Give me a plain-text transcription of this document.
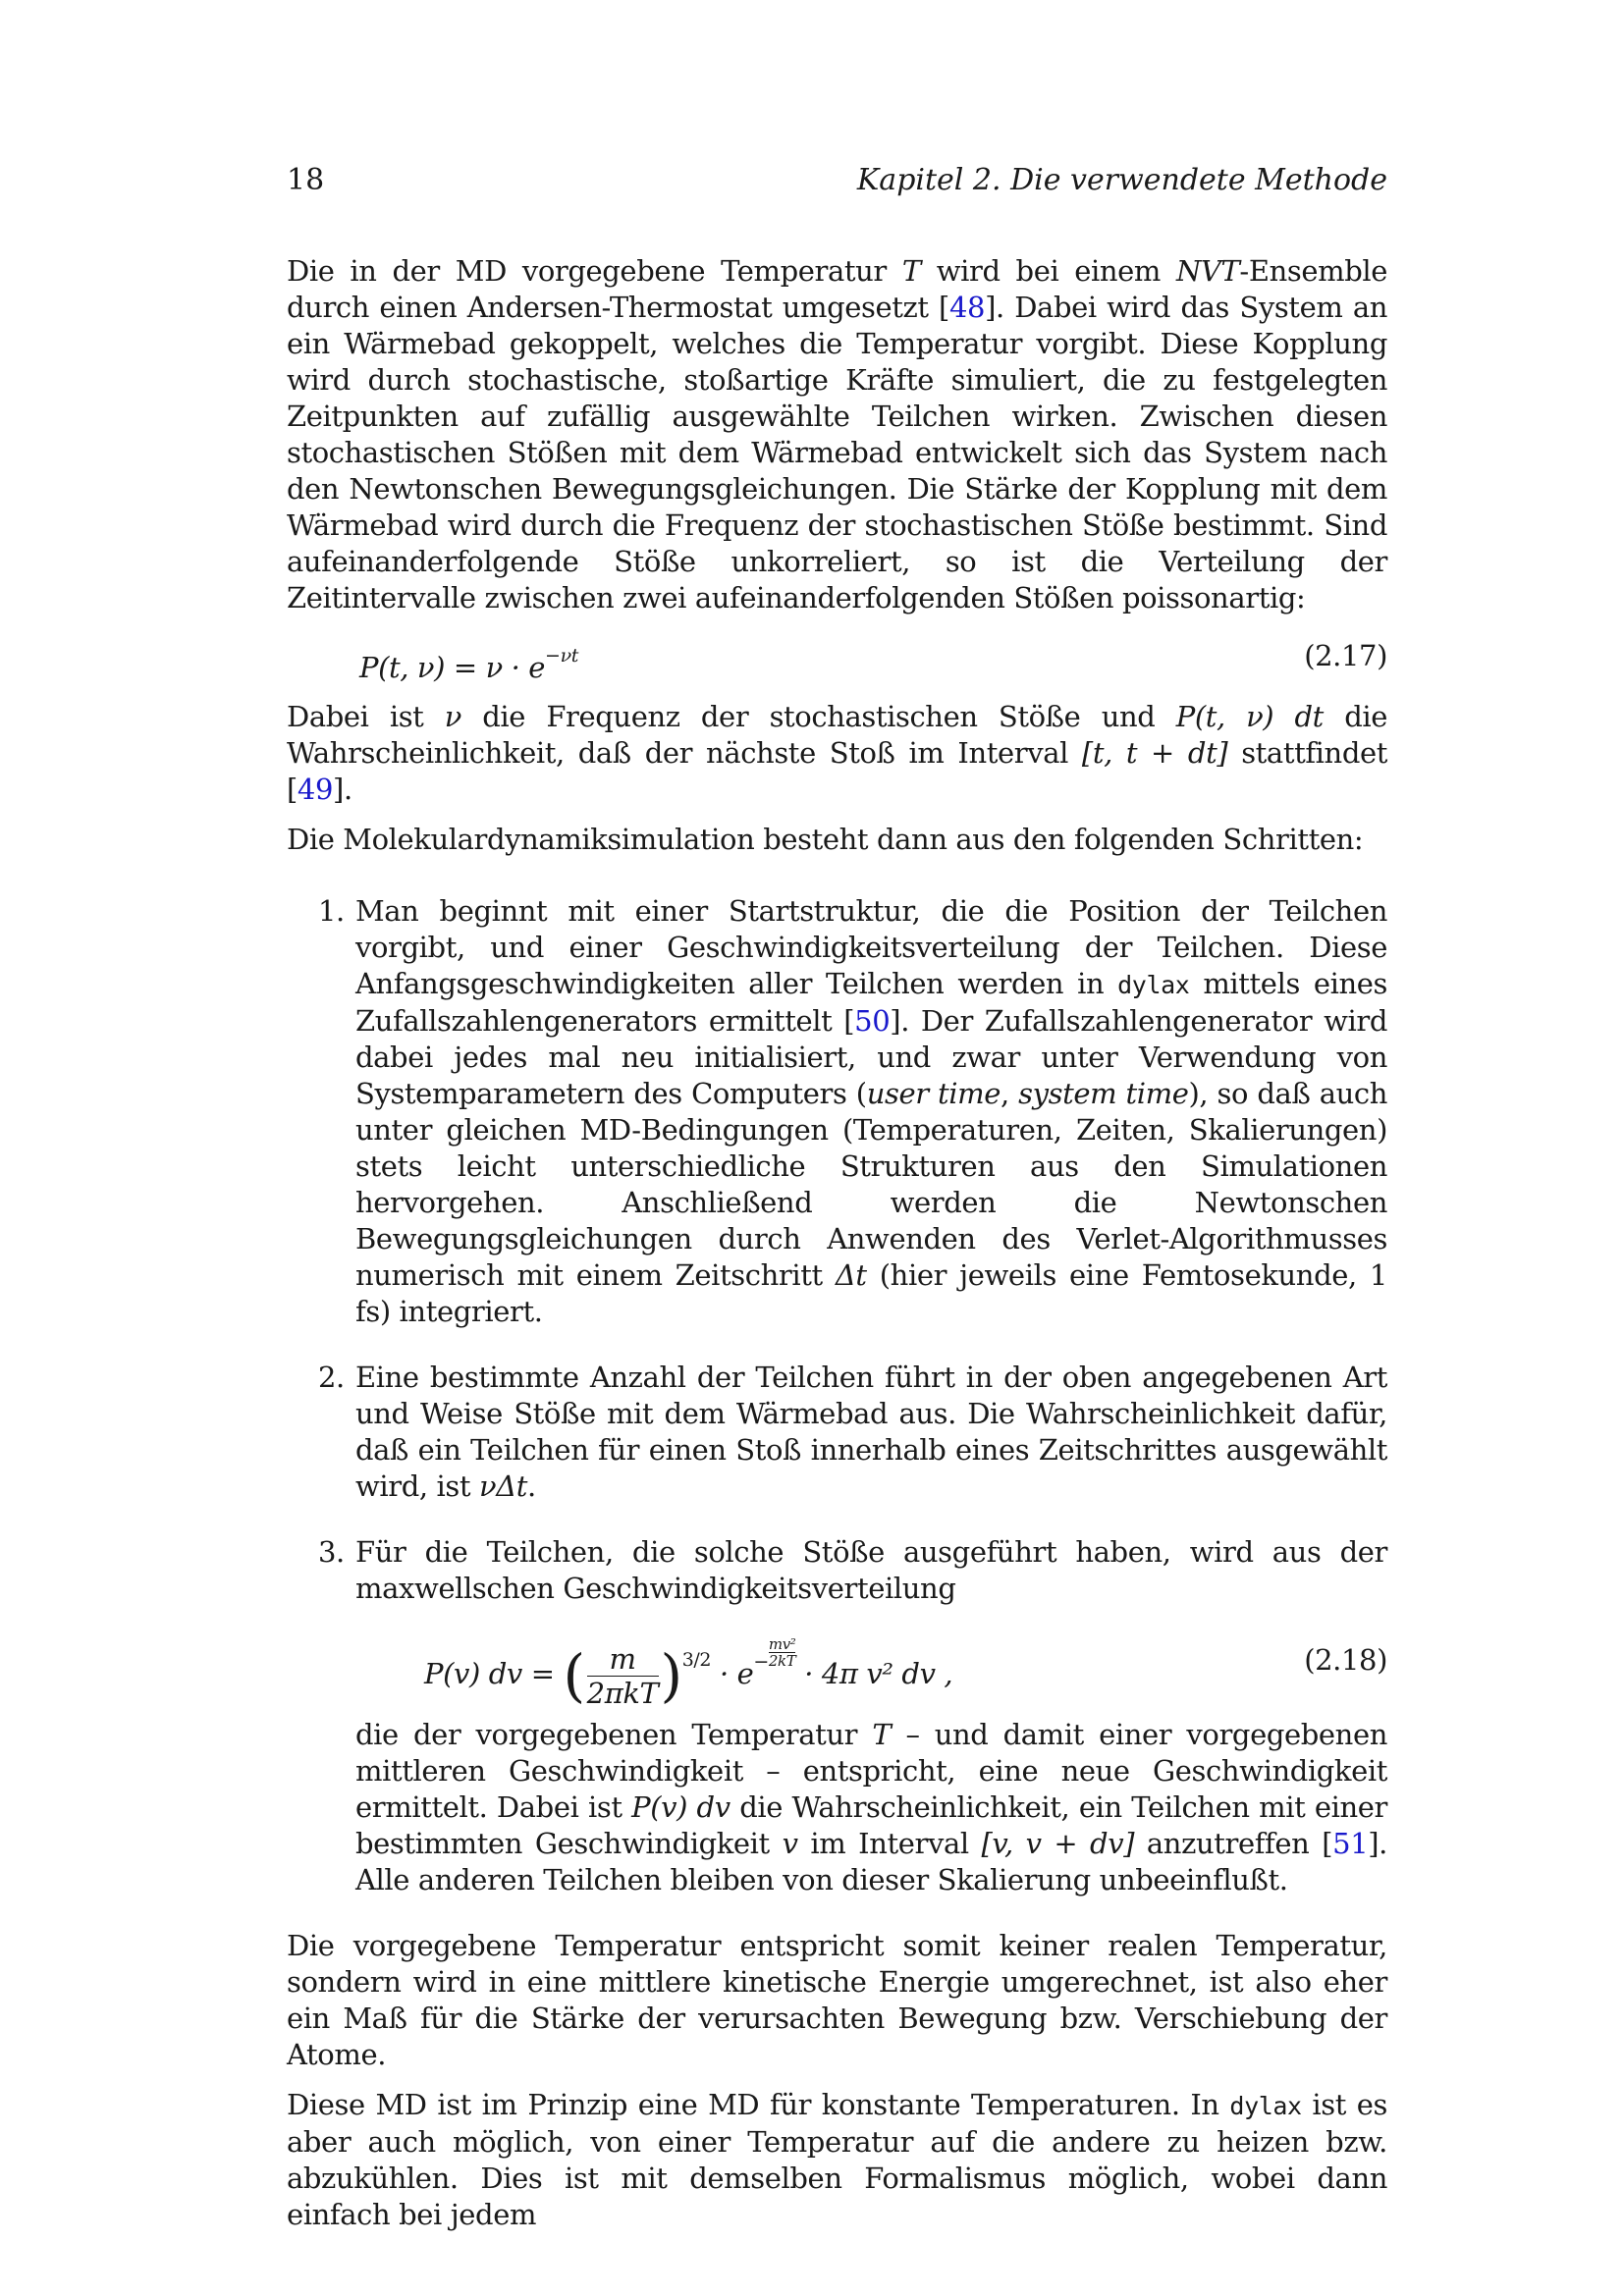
18	Kapitel 2. Die verwendete Methode

Die in der MD vorgegebene Temperatur T wird bei einem NVT-Ensemble durch einen Andersen-Thermostat umgesetzt [48]. Dabei wird das System an ein Wärmebad gekoppelt, welches die Temperatur vorgibt. Diese Kopplung wird durch stochastische, stoßartige Kräfte simuliert, die zu festgelegten Zeitpunkten auf zufällig ausgewählte Teilchen wirken. Zwischen diesen stochastischen Stößen mit dem Wärmebad entwickelt sich das System nach den Newtonschen Bewegungsgleichungen. Die Stärke der Kopplung mit dem Wärmebad wird durch die Frequenz der stochastischen Stöße bestimmt. Sind aufeinanderfolgende Stöße unkorreliert, so ist die Verteilung der Zeitintervalle zwischen zwei aufeinanderfolgenden Stößen poissonartig:

P(t, $\nu) = \nu \cdot e^{-\nu t}$	(2.17)

Dabei ist ν die Frequenz der stochastischen Stöße und P(t, ν) dt die Wahrscheinlichkeit, daß der nächste Stoß im Interval [t, t + dt] stattfindet [49].

Die Molekulardynamiksimulation besteht dann aus den folgenden Schritten:

1. Man beginnt mit einer Startstruktur, die die Position der Teilchen vorgibt, und einer Geschwindigkeitsverteilung der Teilchen. Diese Anfangsgeschwindigkeiten aller Teilchen werden in dylax mittels eines Zufallszahlengenerators ermittelt [50]. Der Zufallszahlengenerator wird dabei jedes mal neu initialisiert, und zwar unter Verwendung von Systemparametern des Computers (user time, system time), so daß auch unter gleichen MD-Bedingungen (Temperaturen, Zeiten, Skalierungen) stets leicht unterschiedliche Strukturen aus den Simulationen hervorgehen. Anschließend werden die Newtonschen Bewegungsgleichungen durch Anwenden des Verlet-Algorithmusses numerisch mit einem Zeitschritt Δt (hier jeweils eine Femtosekunde, 1 fs) integriert.

2. Eine bestimmte Anzahl der Teilchen führt in der oben angegebenen Art und Weise Stöße mit dem Wärmebad aus. Die Wahrscheinlichkeit dafür, daß ein Teilchen für einen Stoß innerhalb eines Zeitschrittes ausgewählt wird, ist νΔt.

3. Für die Teilchen, die solche Stöße ausgeführt haben, wird aus der maxwellschen Geschwindigkeitsverteilung

P(v) dv = ( $\frac{m}{\text{2πkT}} )^{3/2} \cdot e^- \frac{\text{mv²}}{2kT}$
· 4π v² dv ,	(2.18)

die der vorgegebenen Temperatur T – und damit einer vorgegebenen mittleren Geschwindigkeit – entspricht, eine neue Geschwindigkeit ermittelt. Dabei ist P(v) dv die Wahrscheinlichkeit, ein Teilchen mit einer bestimmten Geschwindigkeit v im Interval [v, v + dv] anzutreffen [51]. Alle anderen Teilchen bleiben von dieser Skalierung unbeeinflußt.

Die vorgegebene Temperatur entspricht somit keiner realen Temperatur, sondern wird in eine mittlere kinetische Energie umgerechnet, ist also eher ein Maß für die Stärke der verursachten Bewegung bzw. Verschiebung der Atome.

Diese MD ist im Prinzip eine MD für konstante Temperaturen. In dylax ist es aber auch möglich, von einer Temperatur auf die andere zu heizen bzw. abzukühlen. Dies ist mit demselben Formalismus möglich, wobei dann einfach bei jedem
